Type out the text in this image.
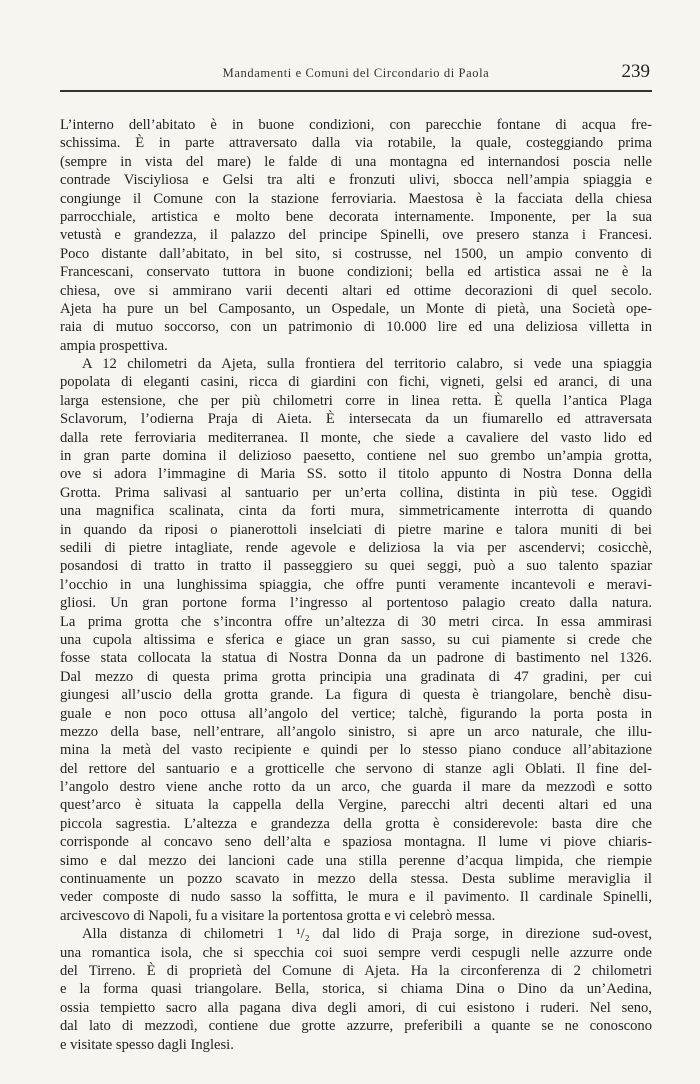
Mandamenti e Comuni del Circondario di Paola	239
L’interno dell’abitato è in buone condizioni, con parecchie fontane di acqua fre-
schissima. È in parte attraversato dalla via rotabile, la quale, costeggiando prima
(sempre in vista del mare) le falde di una montagna ed internandosi poscia nelle
contrade Visciyliosa e Gelsi tra alti e fronzuti ulivi, sbocca nell’ampia spiaggia e
congiunge il Comune con la stazione ferroviaria. Maestosa è la facciata della chiesa
parrocchiale, artistica e molto bene decorata internamente. Imponente, per la sua
vetustà e grandezza, il palazzo del principe Spinelli, ove presero stanza i Francesi.
Poco distante dall’abitato, in bel sito, si costrusse, nel 1500, un ampio convento di
Francescani, conservato tuttora in buone condizioni; bella ed artistica assai ne è la
chiesa, ove si ammirano varii decenti altari ed ottime decorazioni di quel secolo.
Ajeta ha pure un bel Camposanto, un Ospedale, un Monte di pietà, una Società ope-
raia di mutuo soccorso, con un patrimonio di 10.000 lire ed una deliziosa villetta in
ampia prospettiva.
A 12 chilometri da Ajeta, sulla frontiera del territorio calabro, si vede una spiaggia
popolata di eleganti casini, ricca di giardini con fichi, vigneti, gelsi ed aranci, di una
larga estensione, che per più chilometri corre in linea retta. È quella l’antica Plaga
Sclavorum, l’odierna Praja di Aieta. È intersecata da un fiumarello ed attraversata
dalla rete ferroviaria mediterranea. Il monte, che siede a cavaliere del vasto lido ed
in gran parte domina il delizioso paesetto, contiene nel suo grembo un’ampia grotta,
ove si adora l’immagine di Maria SS. sotto il titolo appunto di Nostra Donna della
Grotta. Prima salivasi al santuario per un’erta collina, distinta in più tese. Oggidì
una magnifica scalinata, cinta da forti mura, simmetricamente interrotta di quando
in quando da riposi o pianerottoli inselciati di pietre marine e talora muniti di bei
sedili di pietre intagliate, rende agevole e deliziosa la via per ascendervi; cosicchè,
posandosi di tratto in tratto il passeggiero su quei seggi, può a suo talento spaziar
l’occhio in una lunghissima spiaggia, che offre punti veramente incantevoli e meravi-
gliosi. Un gran portone forma l’ingresso al portentoso palagio creato dalla natura.
La prima grotta che s’incontra offre un’altezza di 30 metri circa. In essa ammirasi
una cupola altissima e sferica e giace un gran sasso, su cui piamente si crede che
fosse stata collocata la statua di Nostra Donna da un padrone di bastimento nel 1326.
Dal mezzo di questa prima grotta principia una gradinata di 47 gradini, per cui
giungesi all’uscio della grotta grande. La figura di questa è triangolare, benchè disu-
guale e non poco ottusa all’angolo del vertice; talchè, figurando la porta posta in
mezzo della base, nell’entrare, all’angolo sinistro, si apre un arco naturale, che illu-
mina la metà del vasto recipiente e quindi per lo stesso piano conduce all’abitazione
del rettore del santuario e a grotticelle che servono di stanze agli Oblati. Il fine del-
l’angolo destro viene anche rotto da un arco, che guarda il mare da mezzodì e sotto
quest’arco è situata la cappella della Vergine, parecchi altri decenti altari ed una
piccola sagrestia. L’altezza e grandezza della grotta è considerevole: basta dire che
corrisponde al concavo seno dell’alta e spaziosa montagna. Il lume vi piove chiaris-
simo e dal mezzo dei lancioni cade una stilla perenne d’acqua limpida, che riempie
continuamente un pozzo scavato in mezzo della stessa. Desta sublime meraviglia il
veder composte di nudo sasso la soffitta, le mura e il pavimento. Il cardinale Spinelli,
arcivescovo di Napoli, fu a visitare la portentosa grotta e vi celebrò messa.
Alla distanza di chilometri 1 ¹/₂ dal lido di Praja sorge, in direzione sud-ovest,
una romantica isola, che si specchia coi suoi sempre verdi cespugli nelle azzurre onde
del Tirreno. È di proprietà del Comune di Ajeta. Ha la circonferenza di 2 chilometri
e la forma quasi triangolare. Bella, storica, si chiama Dina o Dino da un’Aedina,
ossia tempietto sacro alla pagana diva degli amori, di cui esistono i ruderi. Nel seno,
dal lato di mezzodì, contiene due grotte azzurre, preferibili a quante se ne conoscono
e visitate spesso dagli Inglesi.
